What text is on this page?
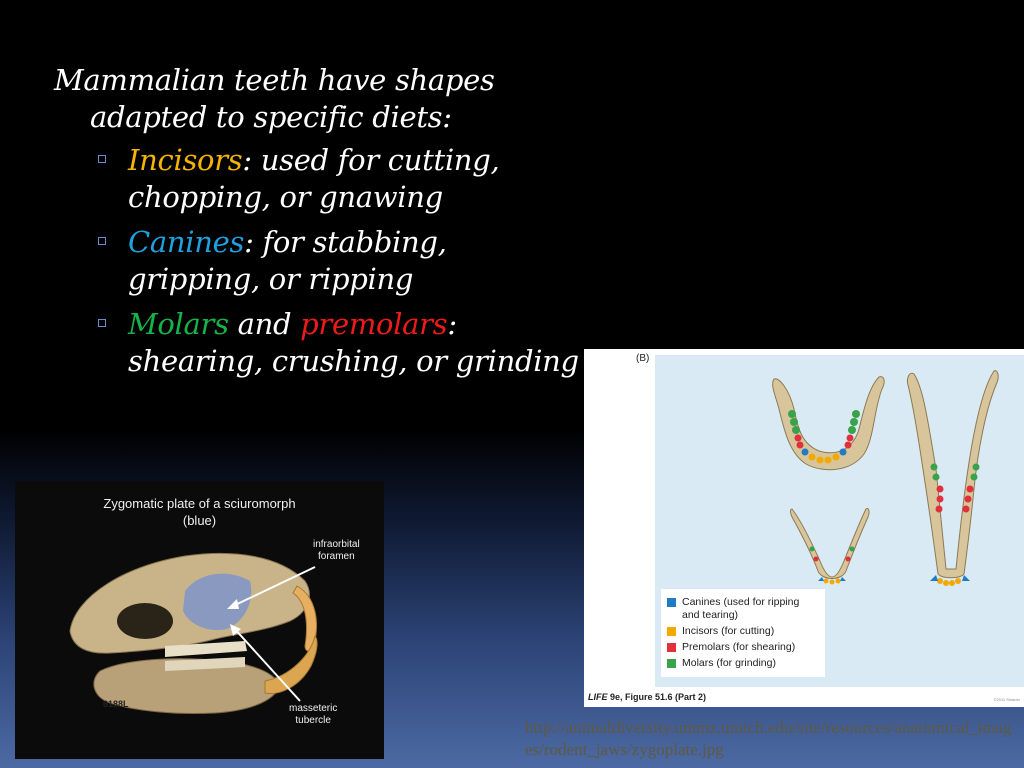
Mammalian teeth have shapes
adapted to specific diets:

Incisors: used for cutting,
chopping, or gnawing
Canines: for stabbing,
gripping, or ripping
Molars and premolars:
shearing, crushing, or grinding
Zygomatic plate of a sciuromorph
(blue)
infraorbital
foramen
masseteric
tubercle
6188L
(B)
Canines (used for ripping and tearing)
Incisors (for cutting)
Premolars (for shearing)
Molars (for grinding)
LIFE 9e, Figure 51.6 (Part 2)	©2011 Sinauer
http://animaldiversity.ummz.umich.edu/site/resources/anatomical_images/rodent_jaws/zygoplate.jpg
